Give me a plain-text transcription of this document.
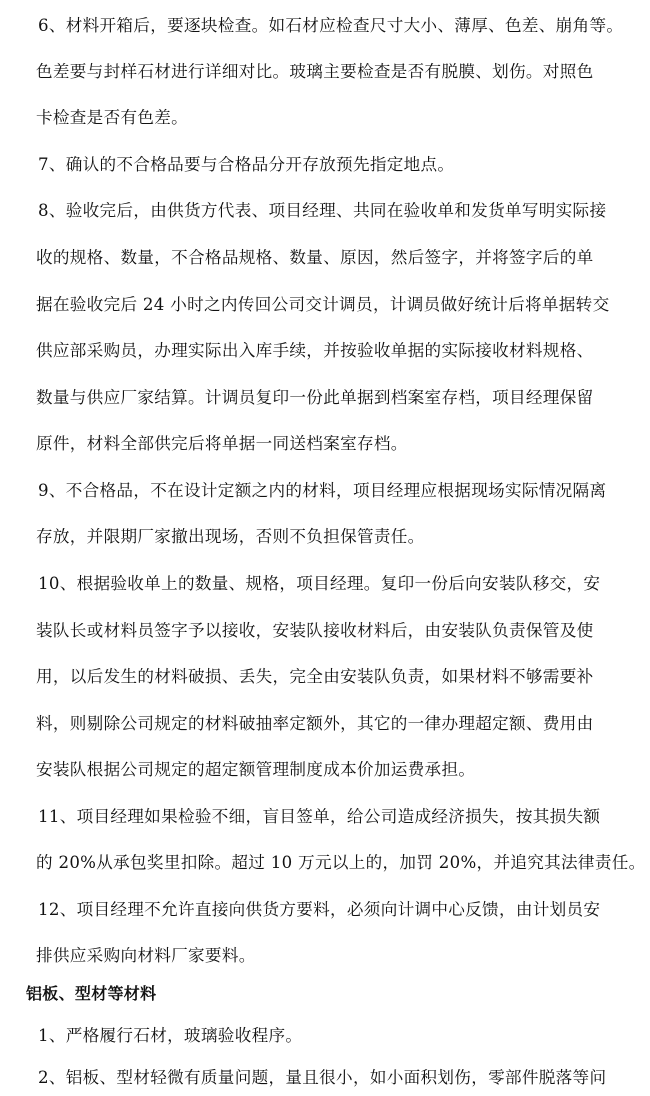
6、材料开箱后，要逐块检查。如石材应检查尺寸大小、薄厚、色差、崩角等。
色差要与封样石材进行详细对比。玻璃主要检查是否有脱膜、划伤。对照色
卡检查是否有色差。
7、确认的不合格品要与合格品分开存放预先指定地点。
8、验收完后，由供货方代表、项目经理、共同在验收单和发货单写明实际接
收的规格、数量，不合格品规格、数量、原因，然后签字，并将签字后的单
据在验收完后 24 小时之内传回公司交计调员，计调员做好统计后将单据转交
供应部采购员，办理实际出入库手续，并按验收单据的实际接收材料规格、
数量与供应厂家结算。计调员复印一份此单据到档案室存档，项目经理保留
原件，材料全部供完后将单据一同送档案室存档。
9、不合格品，不在设计定额之内的材料，项目经理应根据现场实际情况隔离
存放，并限期厂家撤出现场，否则不负担保管责任。
10、根据验收单上的数量、规格，项目经理。复印一份后向安装队移交，安
装队长或材料员签字予以接收，安装队接收材料后，由安装队负责保管及使
用，以后发生的材料破损、丢失，完全由安装队负责，如果材料不够需要补
料，则剔除公司规定的材料破抽率定额外，其它的一律办理超定额、费用由
安装队根据公司规定的超定额管理制度成本价加运费承担。
11、项目经理如果检验不细，盲目签单，给公司造成经济损失，按其损失额
的 20%从承包奖里扣除。超过 10 万元以上的，加罚 20%，并追究其法律责任。
12、项目经理不允许直接向供货方要料，必须向计调中心反馈，由计划员安
排供应采购向材料厂家要料。
铝板、型材等材料
1、严格履行石材，玻璃验收程序。
2、铝板、型材轻微有质量问题，量且很小，如小面积划伤，零部件脱落等问
